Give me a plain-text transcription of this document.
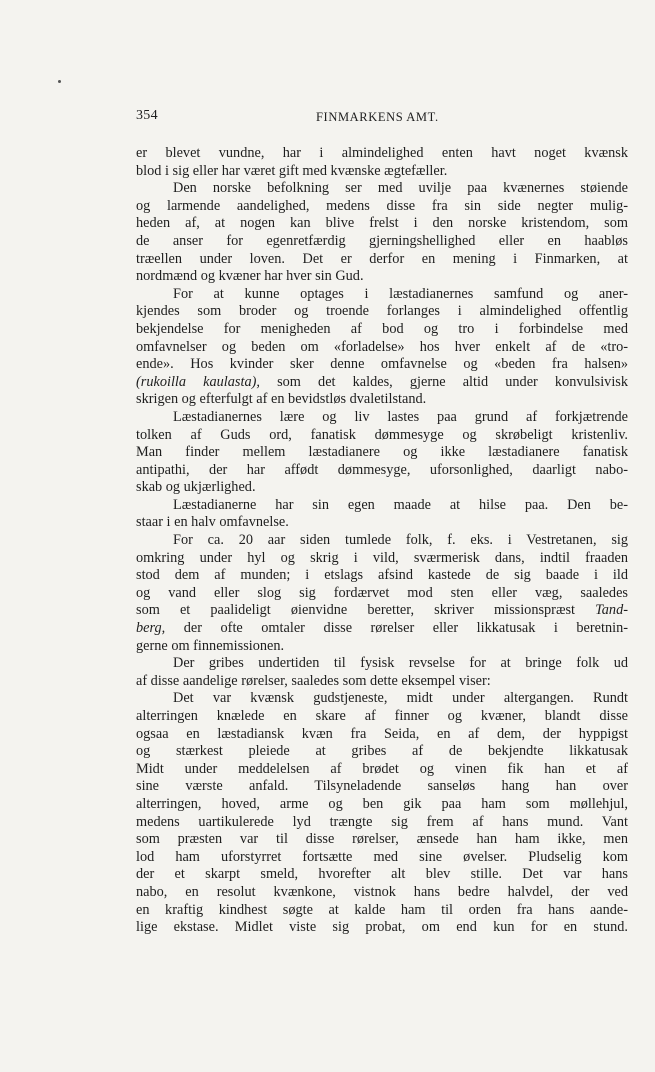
354	FINMARKENS AMT.
er blevet vundne, har i almindelighed enten havt noget kvænsk
blod i sig eller har været gift med kvænske ægtefæller.
Den norske befolkning ser med uvilje paa kvænernes støiende
og larmende aandelighed, medens disse fra sin side negter mulig-
heden af, at nogen kan blive frelst i den norske kristendom, som
de anser for egenretfærdig gjerningshellighed eller en haabløs
træellen under loven. Det er derfor en mening i Finmarken, at
nordmænd og kvæner har hver sin Gud.
For at kunne optages i læstadianernes samfund og aner-
kjendes som broder og troende forlanges i almindelighed offentlig
bekjendelse for menigheden af bod og tro i forbindelse med
omfavnelser og beden om «forladelse» hos hver enkelt af de «tro-
ende». Hos kvinder sker denne omfavnelse og «beden fra halsen»
(rukoilla kaulasta), som det kaldes, gjerne altid under konvulsivisk
skrigen og efterfulgt af en bevidstløs dvaletilstand.
Læstadianernes lære og liv lastes paa grund af forkjætrende
tolken af Guds ord, fanatisk dømmesyge og skrøbeligt kristenliv.
Man finder mellem læstadianere og ikke læstadianere fanatisk
antipathi, der har affødt dømmesyge, uforsonlighed, daarligt nabo-
skab og ukjærlighed.
Læstadianerne har sin egen maade at hilse paa. Den be-
staar i en halv omfavnelse.
For ca. 20 aar siden tumlede folk, f. eks. i Vestretanen, sig
omkring under hyl og skrig i vild, sværmerisk dans, indtil fraaden
stod dem af munden; i etslags afsind kastede de sig baade i ild
og vand eller slog sig fordærvet mod sten eller væg, saaledes
som et paalideligt øienvidne beretter, skriver missionspræst Tand-
berg, der ofte omtaler disse rørelser eller likkatusak i beretnin-
gerne om finnemissionen.
Der gribes undertiden til fysisk revselse for at bringe folk ud
af disse aandelige rørelser, saaledes som dette eksempel viser:
Det var kvænsk gudstjeneste, midt under altergangen. Rundt
alterringen knælede en skare af finner og kvæner, blandt disse
ogsaa en læstadiansk kvæn fra Seida, en af dem, der hyppigst
og stærkest pleiede at gribes af de bekjendte likkatusak
Midt under meddelelsen af brødet og vinen fik han et af
sine værste anfald. Tilsyneladende sanseløs hang han over
alterringen, hoved, arme og ben gik paa ham som møllehjul,
medens uartikulerede lyd trængte sig frem af hans mund. Vant
som præsten var til disse rørelser, ænsede han ham ikke, men
lod ham uforstyrret fortsætte med sine øvelser. Pludselig kom
der et skarpt smeld, hvorefter alt blev stille. Det var hans
nabo, en resolut kvænkone, vistnok hans bedre halvdel, der ved
en kraftig kindhest søgte at kalde ham til orden fra hans aande-
lige ekstase. Midlet viste sig probat, om end kun for en stund.
